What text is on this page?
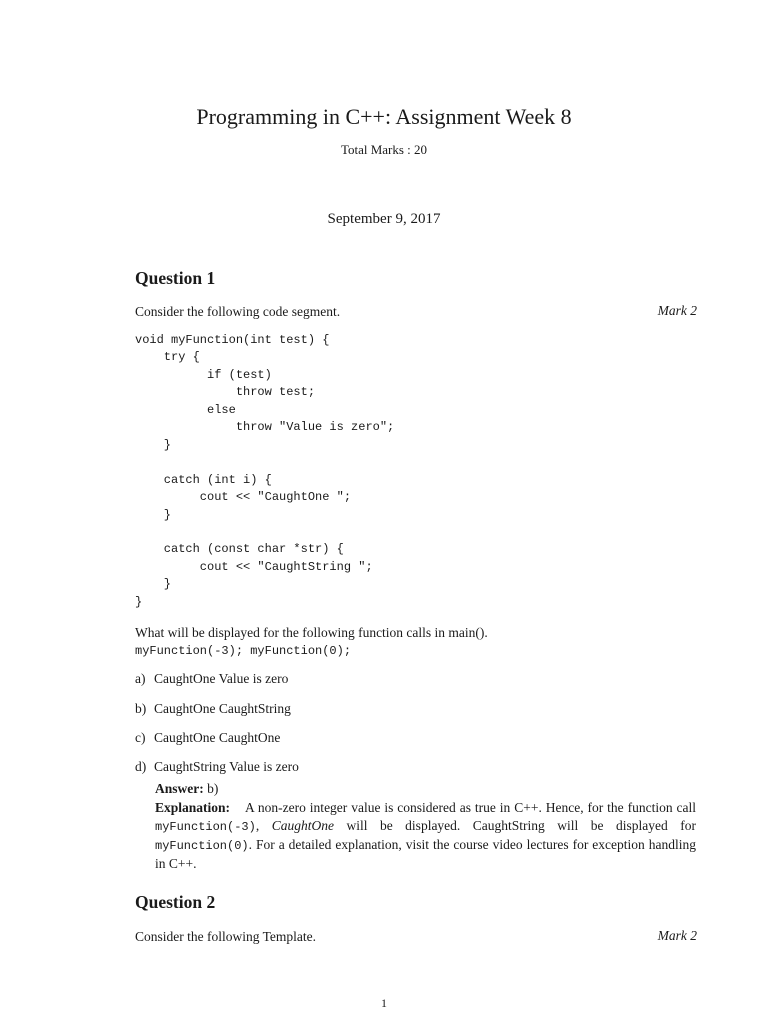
Programming in C++: Assignment Week 8

Total Marks : 20

September 9, 2017

Question 1

Consider the following code segment.	Mark 2

void myFunction(int test) {
try {
if (test)
throw test;
else
throw "Value is zero";
}

catch (int i) {
cout << "CaughtOne ";
}

catch (const char *str) {
cout << "CaughtString ";
}
}

What will be displayed for the following function calls in main().

myFunction(-3); myFunction(0);

a) CaughtOne Value is zero

b) CaughtOne CaughtString

c) CaughtOne CaughtOne

d) CaughtString Value is zero

Answer: b)

Explanation: A non-zero integer value is considered as true in C++. Hence, for the function call myFunction(-3), CaughtOne will be displayed. CaughtString will be displayed for myFunction(0). For a detailed explanation, visit the course video lectures for exception handling in C++.

Question 2

Consider the following Template.	Mark 2

1
